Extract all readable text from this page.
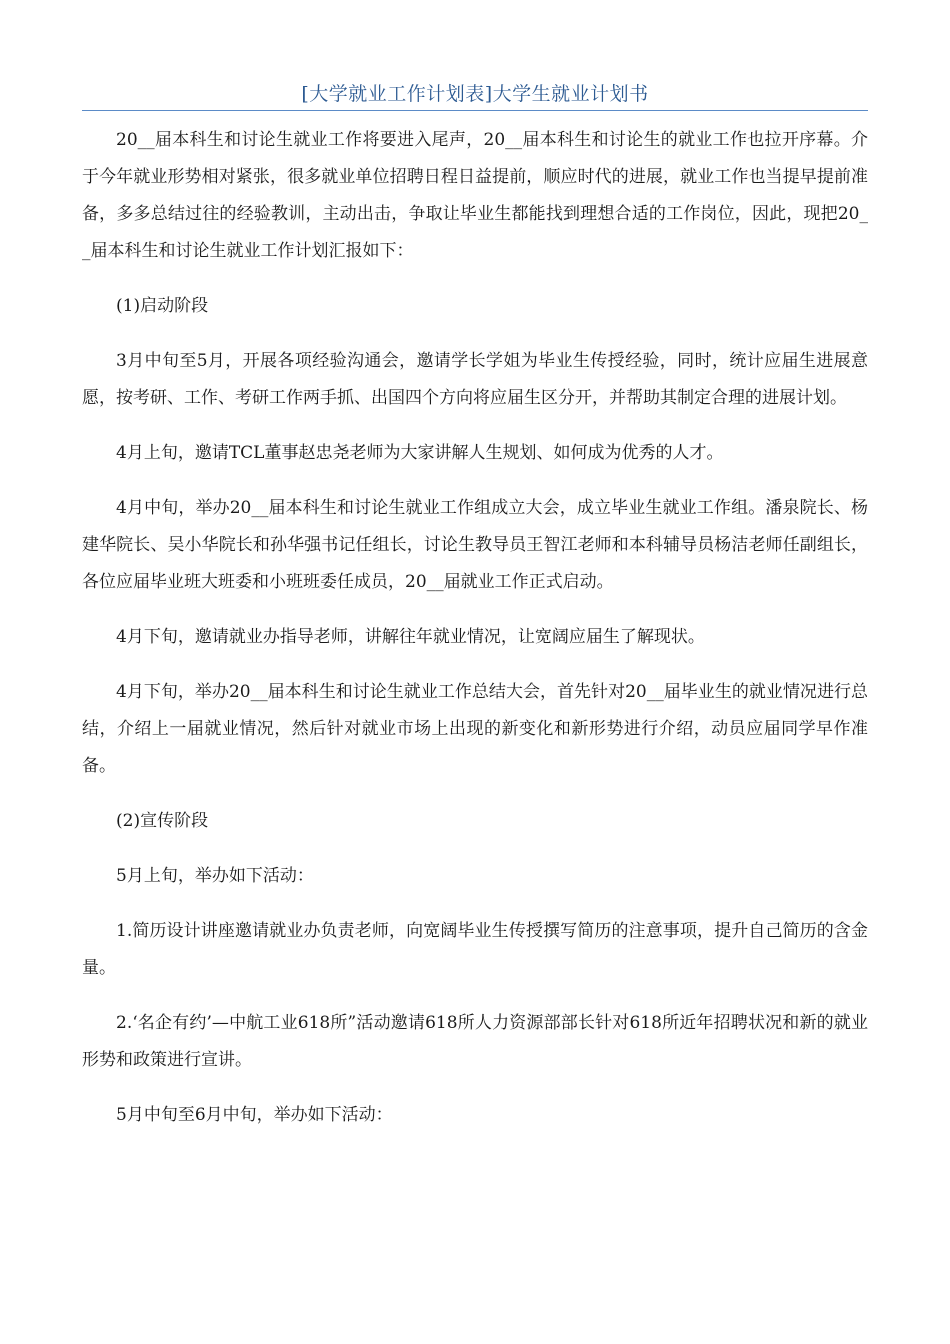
[大学就业工作计划表]大学生就业计划书

20__届本科生和讨论生就业工作将要进入尾声，20__届本科生和讨论生的就业工作也拉开序幕。介于今年就业形势相对紧张，很多就业单位招聘日程日益提前，顺应时代的进展，就业工作也当提早提前准备，多多总结过往的经验教训，主动出击，争取让毕业生都能找到理想合适的工作岗位，因此，现把20__届本科生和讨论生就业工作计划汇报如下：

(1)启动阶段

3月中旬至5月，开展各项经验沟通会，邀请学长学姐为毕业生传授经验，同时，统计应届生进展意愿，按考研、工作、考研工作两手抓、出国四个方向将应届生区分开，并帮助其制定合理的进展计划。

4月上旬，邀请TCL董事赵忠尧老师为大家讲解人生规划、如何成为优秀的人才。

4月中旬，举办20__届本科生和讨论生就业工作组成立大会，成立毕业生就业工作组。潘泉院长、杨建华院长、吴小华院长和孙华强书记任组长，讨论生教导员王智江老师和本科辅导员杨洁老师任副组长，各位应届毕业班大班委和小班班委任成员，20__届就业工作正式启动。

4月下旬，邀请就业办指导老师，讲解往年就业情况，让宽阔应届生了解现状。

4月下旬，举办20__届本科生和讨论生就业工作总结大会，首先针对20__届毕业生的就业情况进行总结，介绍上一届就业情况，然后针对就业市场上出现的新变化和新形势进行介绍，动员应届同学早作准备。

(2)宣传阶段

5月上旬，举办如下活动：

1.简历设计讲座邀请就业办负责老师，向宽阔毕业生传授撰写简历的注意事项，提升自己简历的含金量。

2.‘名企有约’—中航工业618所”活动邀请618所人力资源部部长针对618所近年招聘状况和新的就业形势和政策进行宣讲。

5月中旬至6月中旬，举办如下活动：
